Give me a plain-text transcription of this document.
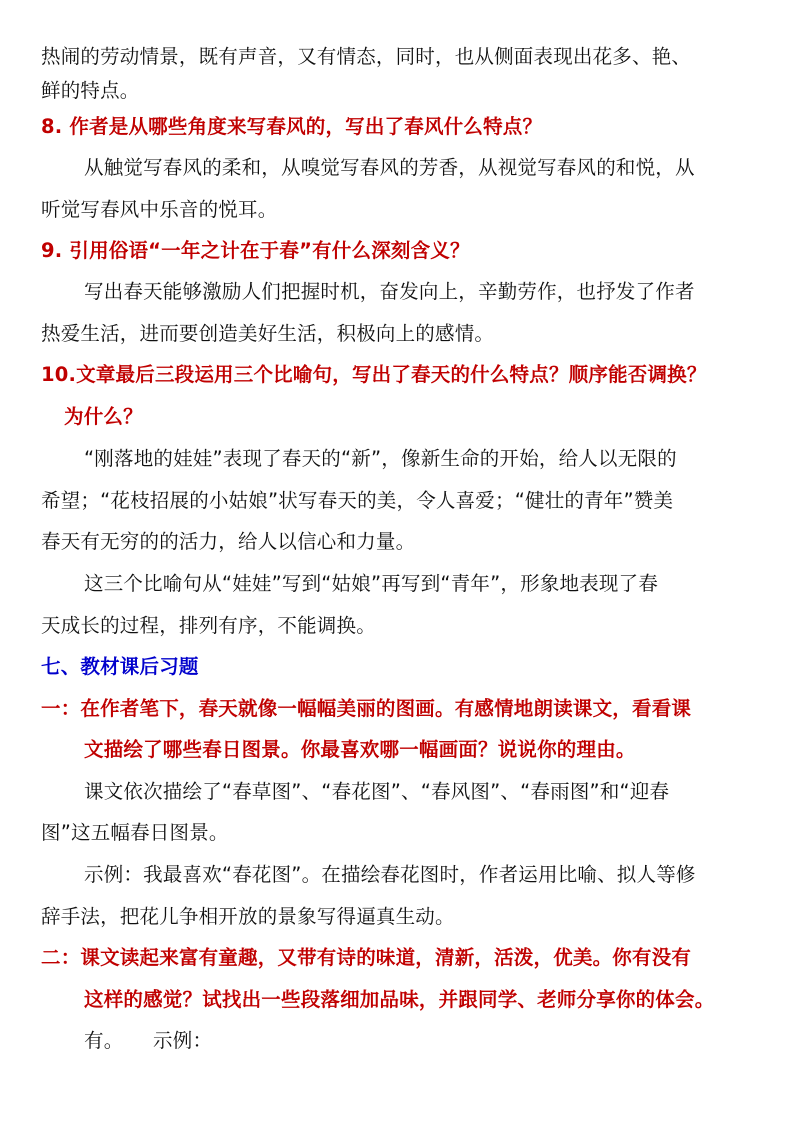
热闹的劳动情景，既有声音，又有情态，同时，也从侧面表现出花多、艳、
鲜的特点。
8. 作者是从哪些角度来写春风的，写出了春风什么特点？
从触觉写春风的柔和，从嗅觉写春风的芳香，从视觉写春风的和悦，从
听觉写春风中乐音的悦耳。
9. 引用俗语“一年之计在于春”有什么深刻含义？
写出春天能够激励人们把握时机，奋发向上，辛勤劳作，也抒发了作者
热爱生活，进而要创造美好生活，积极向上的感情。
10.文章最后三段运用三个比喻句，写出了春天的什么特点？顺序能否调换？
为什么？
“刚落地的娃娃”表现了春天的“新”，像新生命的开始，给人以无限的
希望；“花枝招展的小姑娘”状写春天的美，令人喜爱；“健壮的青年”赞美
春天有无穷的的活力，给人以信心和力量。
这三个比喻句从“娃娃”写到“姑娘”再写到“青年”，形象地表现了春
天成长的过程，排列有序，不能调换。
七、教材课后习题
一：在作者笔下，春天就像一幅幅美丽的图画。有感情地朗读课文，看看课
文描绘了哪些春日图景。你最喜欢哪一幅画面？说说你的理由。
课文依次描绘了“春草图”、“春花图”、“春风图”、“春雨图”和“迎春
图”这五幅春日图景。
示例：我最喜欢“春花图”。在描绘春花图时，作者运用比喻、拟人等修
辞手法，把花儿争相开放的景象写得逼真生动。
二：课文读起来富有童趣，又带有诗的味道，清新，活泼，优美。你有没有
这样的感觉？试找出一些段落细加品味，并跟同学、老师分享你的体会。
有。　　示例：
